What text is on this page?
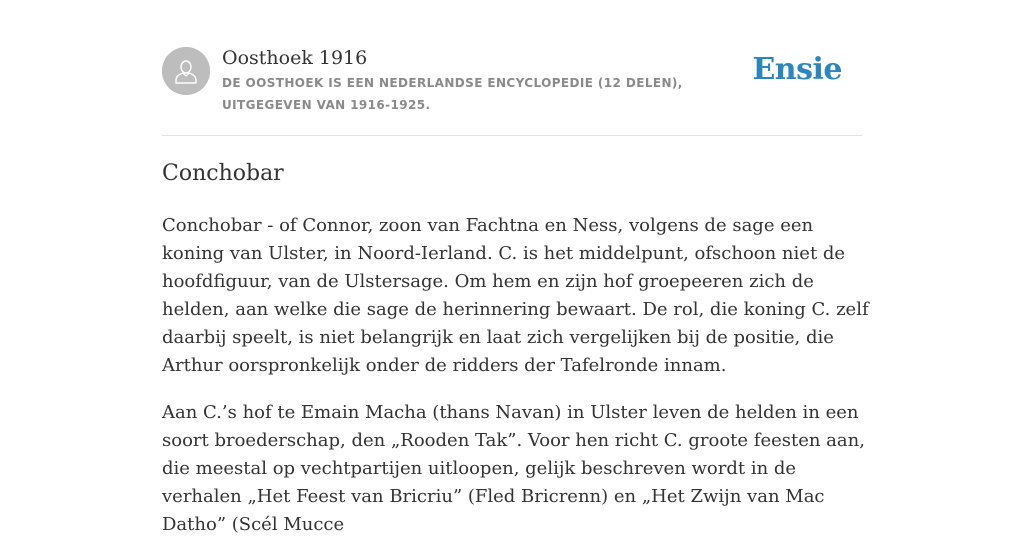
Oosthoek 1916
DE OOSTHOEK IS EEN NEDERLANDSE ENCYCLOPEDIE (12 DELEN), UITGEGEVEN VAN 1916-1925.
Ensie
Conchobar

Conchobar - of Connor, zoon van Fachtna en Ness, volgens de sage een koning van Ulster, in Noord-Ierland. C. is het middelpunt, ofschoon niet de hoofdfiguur, van de Ulstersage. Om hem en zijn hof groepeeren zich de helden, aan welke die sage de herinnering bewaart. De rol, die koning C. zelf daarbij speelt, is niet belangrijk en laat zich vergelijken bij de positie, die Arthur oorspronkelijk onder de ridders der Tafelronde innam.

Aan C.’s hof te Emain Macha (thans Navan) in Ulster leven de helden in een soort broederschap, den „Rooden Tak”. Voor hen richt C. groote feesten aan, die meestal op vechtpartijen uitloopen, gelijk beschreven wordt in de verhalen „Het Feest van Bricriu” (Fled Bricrenn) en „Het Zwijn van Mac Datho” (Scél Mucce
